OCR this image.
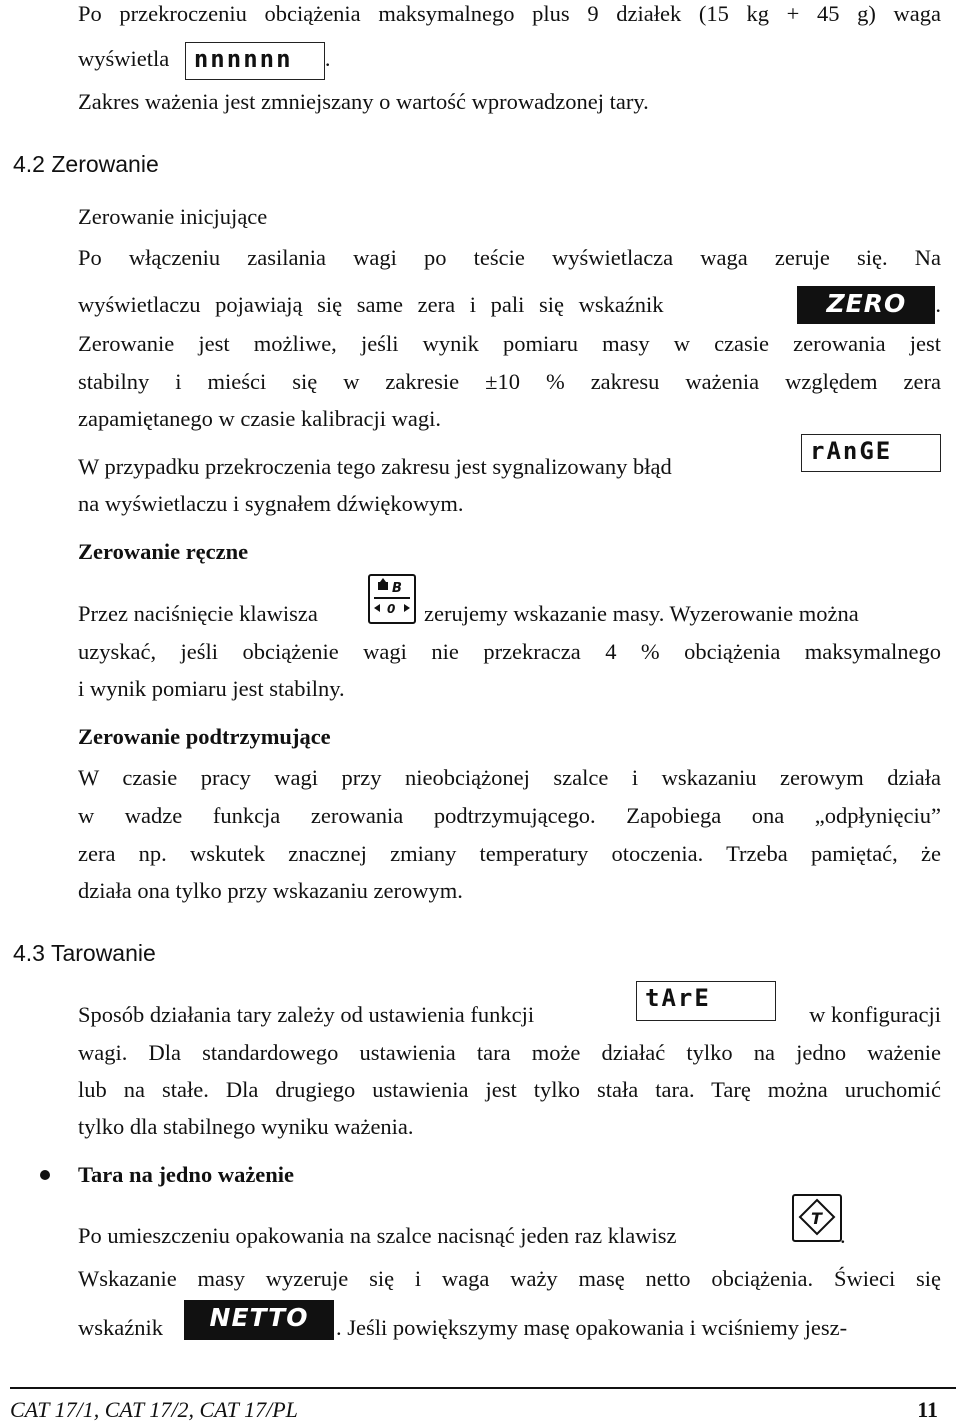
Po przekroczeniu obciążenia maksymalnego plus 9 działek (15 kg + 45 g) waga
wyświetla nnnnnn .
Zakres ważenia jest zmniejszany o wartość wprowadzonej tary.
4.2 Zerowanie
Zerowanie inicjujące
Po włączeniu zasilania wagi po teście wyświetlacza waga zeruje się. Na
wyświetlaczu pojawiają się same zera i pali się wskaźnik	ZERO	.
Zerowanie jest możliwe, jeśli wynik pomiaru masy w czasie zerowania jest
stabilny i mieści się w zakresie ±10 % zakresu ważenia względem zera
zapamiętanego w czasie kalibracji wagi.
W przypadku przekroczenia tego zakresu jest sygnalizowany błąd
rAnGE
na wyświetlaczu i sygnałem dźwiękowym.
Zerowanie ręczne
Przez naciśnięcie klawisza
B
0 zerujemy wskazanie masy. Wyzerowanie można
uzyskać, jeśli obciążenie wagi nie przekracza 4 % obciążenia maksymalnego
i wynik pomiaru jest stabilny.
Zerowanie podtrzymujące
W czasie pracy wagi przy nieobciążonej szalce i wskazaniu zerowym działa
w wadze funkcja zerowania podtrzymującego. Zapobiega ona „odpłynięciu”
zera np. wskutek znacznej zmiany temperatury otoczenia. Trzeba pamiętać, że
działa ona tylko przy wskazaniu zerowym.
4.3 Tarowanie
Sposób działania tary zależy od ustawienia funkcji
tArE
w konfiguracji
wagi. Dla standardowego ustawienia tara może działać tylko na jedno ważenie
lub na stałe. Dla drugiego ustawienia jest tylko stała tara. Tarę można uruchomić
tylko dla stabilnego wyniku ważenia.
Tara na jedno ważenie
Po umieszczeniu opakowania na szalce nacisnąć jeden raz klawisz
T
.
Wskazanie masy wyzeruje się i waga waży masę netto obciążenia. Świeci się
wskaźnik	NETTO	. Jeśli powiększymy masę opakowania i wciśniemy jesz-
CAT 17/1, CAT 17/2, CAT 17/PL	11
